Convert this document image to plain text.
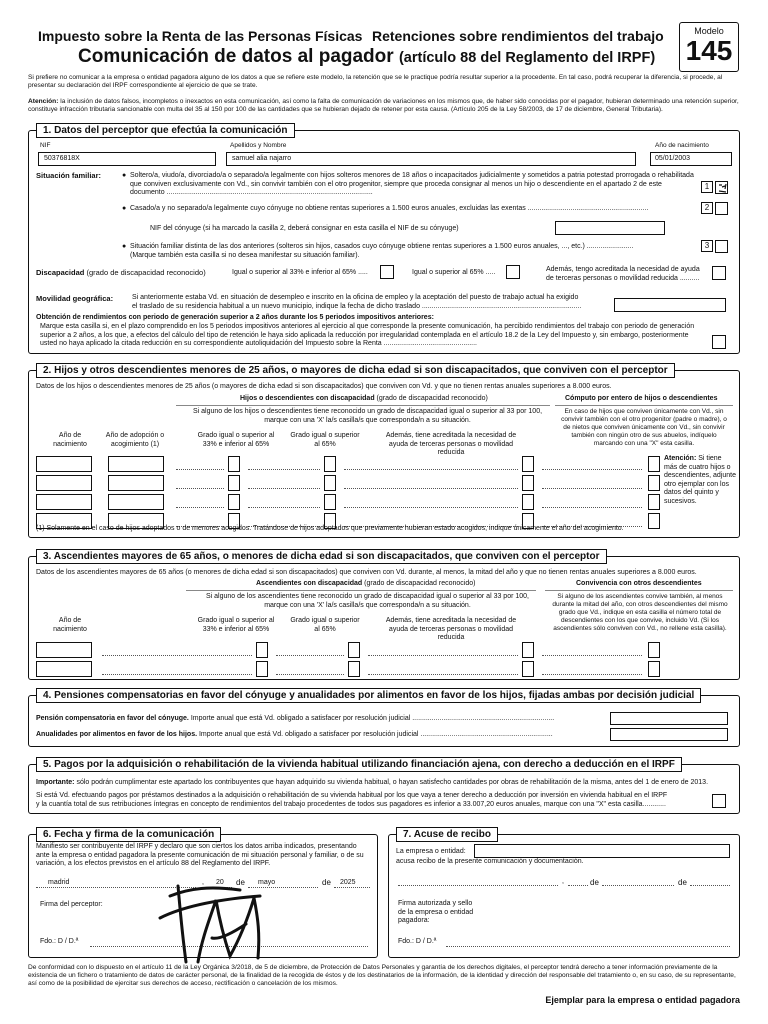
Impuesto sobre la Renta de las Personas Físicas Retenciones sobre rendimientos del trabajo
Comunicación de datos al pagador (artículo 88 del Reglamento del IRPF)
Modelo
145
Si prefiere no comunicar a la empresa o entidad pagadora alguno de los datos a que se refiere este modelo, la retención que se le practique podría resultar superior a la procedente. En tal caso, podrá recuperar la diferencia, si procede, al presentar su declaración del IRPF correspondiente al ejercicio de que se trate.
Atención: la inclusión de datos falsos, incompletos o inexactos en esta comunicación, así como la falta de comunicación de variaciones en los mismos que, de haber sido conocidas por el pagador, hubieran determinado una retención superior, constituye infracción tributaria sancionable con multa del 35 al 150 por 100 de las cantidades que se hubieran dejado de retener por esta causa. (Artículo 205 de la Ley 58/2003, de 17 de diciembre, General Tributaria).
1. Datos del perceptor que efectúa la comunicación
NIF	Apellidos y Nombre	Año de nacimiento
50376818X	samuel alia najarro	05/01/2003
Situación familiar:	● Soltero/a, viudo/a, divorciado/a o separado/a legalmente con hijos solteros menores de 18 años o incapacitados judicialmente y sometidos a patria potestad prorrogada o rehabilitada que conviven exclusivamente con Vd., sin convivir también con el otro progenitor, siempre que proceda consignar al menos un hijo o descendiente en el apartado 2 de este documento ..........................................................................................................
1
● Casado/a y no separado/a legalmente cuyo cónyuge no obtiene rentas superiores a 1.500 euros anuales, excluidas las exentas ..............................................................	2
NIF del cónyuge (si ha marcado la casilla 2, deberá consignar en esta casilla el NIF de su cónyuge)
● Situación familiar distinta de las dos anteriores (solteros sin hijos, casados cuyo cónyuge obtiene rentas superiores a 1.500 euros anuales, ..., etc.) ........................
(Marque también esta casilla si no desea manifestar su situación familiar).
3
Discapacidad (grado de discapacidad reconocido)	Igual o superior al 33% e inferior al 65% .....	Igual o superior al 65% .....	Además, tengo acreditada la necesidad de ayuda
de terceras personas o movilidad reducida ..........
Movilidad geográfica:	Si anteriormente estaba Vd. en situación de desempleo e inscrito en la oficina de empleo y la aceptación del puesto de trabajo actual ha exigido
el traslado de su residencia habitual a un nuevo municipio, indique la fecha de dicho traslado ..................................................................................
Obtención de rendimientos con periodo de generación superior a 2 años durante los 5 periodos impositivos anteriores:
Marque esta casilla si, en el plazo comprendido en los 5 periodos impositivos anteriores al ejercicio al que corresponde la presente comunicación, ha percibido rendimientos del trabajo con periodo de generación superior a 2 años, a los que, a efectos del cálculo del tipo de retención le haya sido aplicada la reducción por irregularidad contemplada en el artículo 18.2 de la Ley del Impuesto y, sin embargo, posteriormente usted no haya aplicado la citada reducción en su correspondiente autoliquidación del Impuesto sobre la Renta ................................................
2. Hijos y otros descendientes menores de 25 años, o mayores de dicha edad si son discapacitados, que conviven con el perceptor
Datos de los hijos o descendientes menores de 25 años (o mayores de dicha edad si son discapacitados) que conviven con Vd. y que no tienen rentas anuales superiores a 8.000 euros.
Hijos o descendientes con discapacidad (grado de discapacidad reconocido)
Si alguno de los hijos o descendientes tiene reconocido un grado de discapacidad igual o superior al 33 por 100, marque con una 'X' la/s casilla/s que corresponda/n a su situación.
Cómputo por entero de hijos o descendientes
En caso de hijos que conviven únicamente con Vd., sin convivir también con el otro progenitor (padre o madre), o de nietos que conviven únicamente con Vd., sin convivir también con ningún otro de sus abuelos, indíquelo marcando con una "X" esta casilla.
Año de nacimiento
Año de adopción o acogimiento (1)
Grado igual o superior al 33% e inferior al 65%
Grado igual o superior al 65%
Además, tiene acreditada la necesidad de ayuda de terceras personas o movilidad reducida
Atención: Si tiene más de cuatro hijos o descendientes, adjunte otro ejemplar con los datos del quinto y sucesivos.
(1) Solamente en el caso de hijos adoptados o de menores acogidos. Tratándose de hijos adoptados que previamente hubieran estado acogidos, indique únicamente el año del acogimiento.
3. Ascendientes mayores de 65 años, o menores de dicha edad si son discapacitados, que conviven con el perceptor
Datos de los ascendientes mayores de 65 años (o menores de dicha edad si son discapacitados) que conviven con Vd. durante, al menos, la mitad del año y que no tienen rentas anuales superiores a 8.000 euros.
Ascendientes con discapacidad (grado de discapacidad reconocido)
Si alguno de los ascendientes tiene reconocido un grado de discapacidad igual o superior al 33 por 100, marque con una 'X' la/s casilla/s que corresponda/n a su situación.
Convivencia con otros descendientes
Si alguno de los ascendientes convive también, al menos durante la mitad del año, con otros descendientes del mismo grado que Vd., indique en esta casilla el número total de descendientes con los que convive, incluido Vd. (Si los ascendientes sólo conviven con Vd., no rellene esta casilla).
Año de nacimiento
Grado igual o superior al 33% e inferior al 65%
Grado igual o superior al 65%
Además, tiene acreditada la necesidad de ayuda de terceras personas o movilidad reducida
4. Pensiones compensatorias en favor del cónyuge y anualidades por alimentos en favor de los hijos, fijadas ambas por decisión judicial
Pensión compensatoria en favor del cónyuge. Importe anual que está Vd. obligado a satisfacer por resolución judicial .........................................................................
Anualidades por alimentos en favor de los hijos. Importe anual que está Vd. obligado a satisfacer por resolución judicial ....................................................................
5. Pagos por la adquisición o rehabilitación de la vivienda habitual utilizando financiación ajena, con derecho a deducción en el IRPF
Importante: sólo podrán cumplimentar este apartado los contribuyentes que hayan adquirido su vivienda habitual, o hayan satisfecho cantidades por obras de rehabilitación de la misma, antes del 1 de enero de 2013.
Si está Vd. efectuando pagos por préstamos destinados a la adquisición o rehabilitación de su vivienda habitual por los que vaya a tener derecho a deducción por inversión en vivienda habitual en el IRPF
y la cuantía total de sus retribuciones íntegras en concepto de rendimientos del trabajo procedentes de todos sus pagadores es inferior a 33.007,20 euros anuales, marque con una "X" esta casilla............
6. Fecha y firma de la comunicación
Manifiesto ser contribuyente del IRPF y declaro que son ciertos los datos arriba indicados, presentando ante la empresa o entidad pagadora la presente comunicación de mi situación personal y familiar, o de su variación, a los efectos previstos en el artículo 88 del Reglamento del IRPF.
madrid	, 20 de mayo	de 2025
Firma del perceptor:
Fdo.: D / D.ª
7. Acuse de recibo
La empresa o entidad:
acusa recibo de la presente comunicación y documentación.
,	de	de
Firma autorizada y sello de la empresa o entidad pagadora:
Fdo.: D / D.ª
De conformidad con lo dispuesto en el artículo 11 de la Ley Orgánica 3/2018, de 5 de diciembre, de Protección de Datos Personales y garantía de los derechos digitales, el perceptor tendrá derecho a tener información previamente de la existencia de un fichero o tratamiento de datos de carácter personal, de la finalidad de la recogida de éstos y de los destinatarios de la información, de la identidad y dirección del responsable del tratamiento o, en su caso, de su representante, así como de la posibilidad de ejercitar sus derechos de acceso, rectificación o cancelación de los mismos.
Ejemplar para la empresa o entidad pagadora
